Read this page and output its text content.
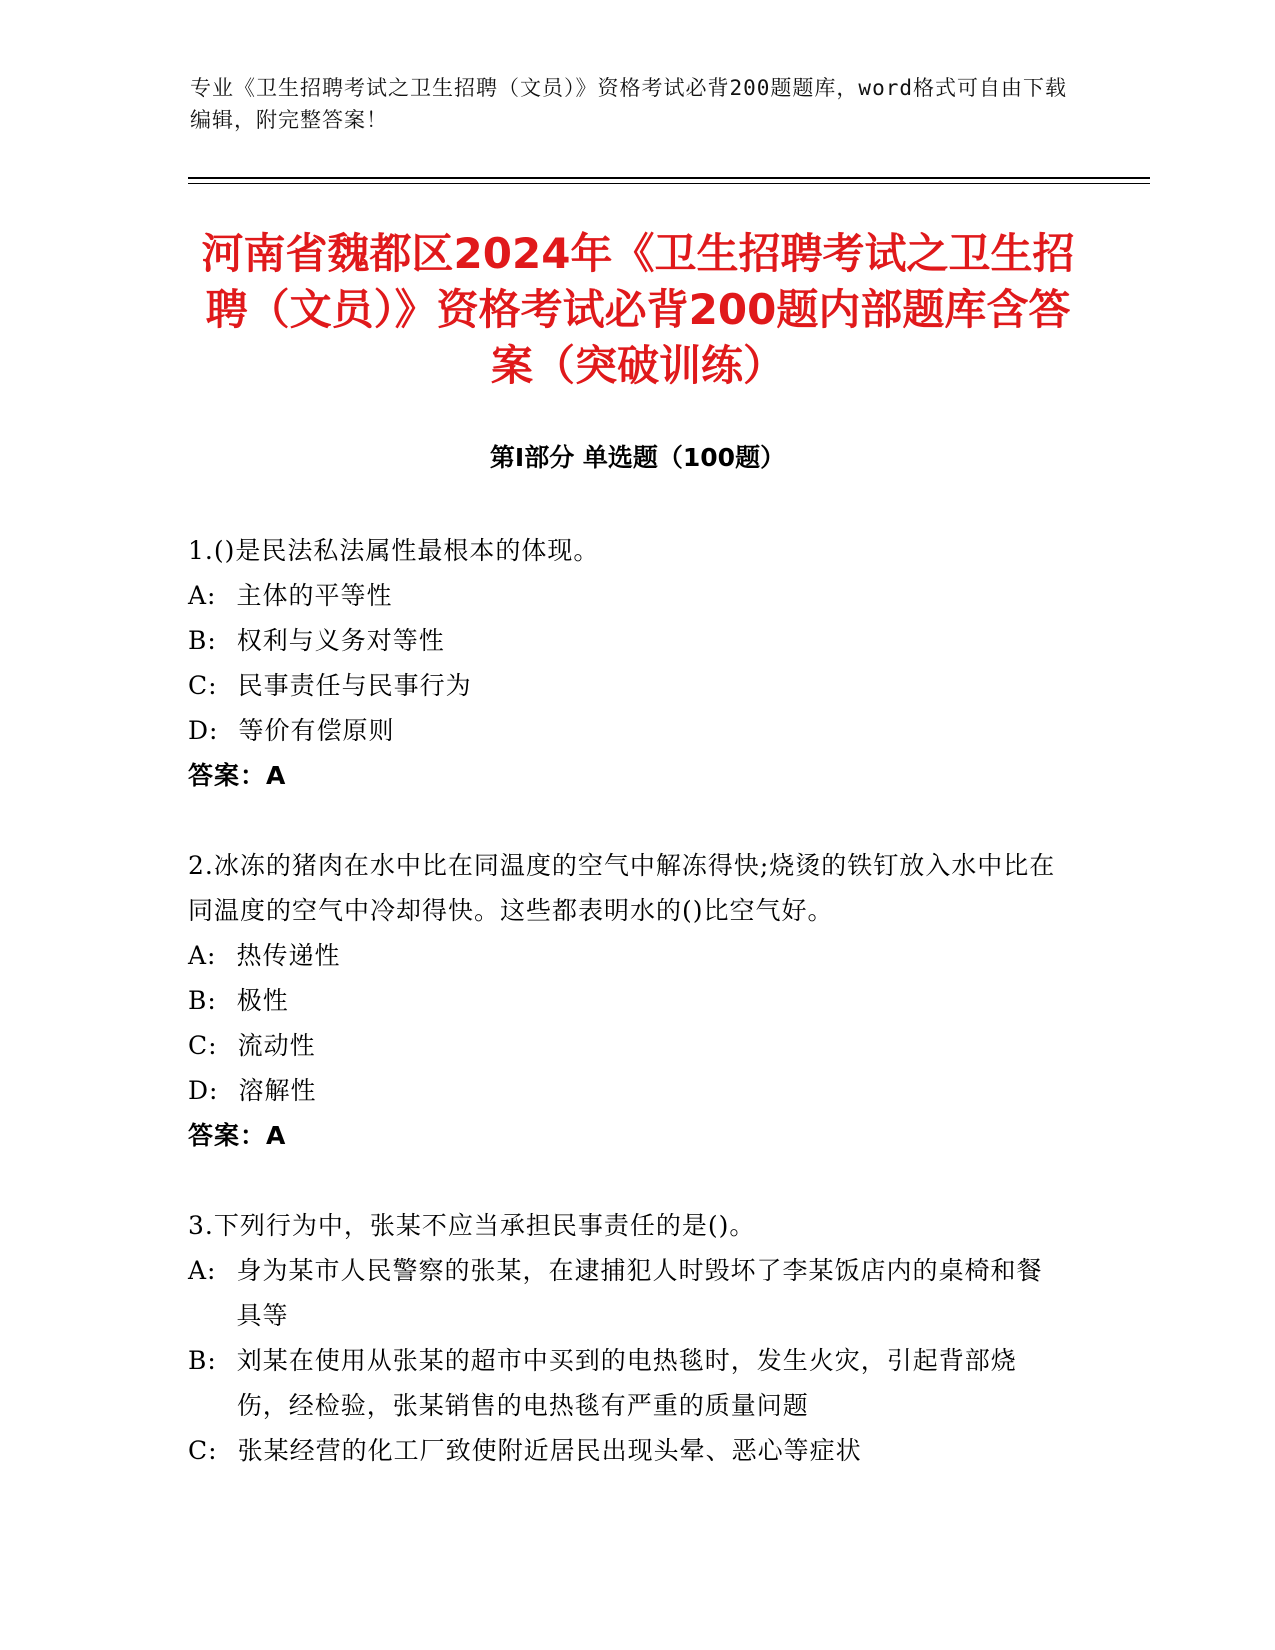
专业《卫生招聘考试之卫生招聘（文员）》资格考试必背200题题库，word格式可自由下载编辑，附完整答案！
河南省魏都区2024年《卫生招聘考试之卫生招聘（文员）》资格考试必背200题内部题库含答案（突破训练）
第Ⅰ部分 单选题（100题）

1.()是民法私法属性最根本的体现。

A: 主体的平等性
B: 权利与义务对等性
C: 民事责任与民事行为
D: 等价有偿原则
答案：A

2.冰冻的猪肉在水中比在同温度的空气中解冻得快;烧烫的铁钉放入水中比在同温度的空气中冷却得快。这些都表明水的()比空气好。

A: 热传递性
B: 极性
C: 流动性
D: 溶解性
答案：A

3.下列行为中，张某不应当承担民事责任的是()。

A: 身为某市人民警察的张某，在逮捕犯人时毁坏了李某饭店内的桌椅和餐具等
B: 刘某在使用从张某的超市中买到的电热毯时，发生火灾，引起背部烧伤，经检验，张某销售的电热毯有严重的质量问题
C: 张某经营的化工厂致使附近居民出现头晕、恶心等症状
